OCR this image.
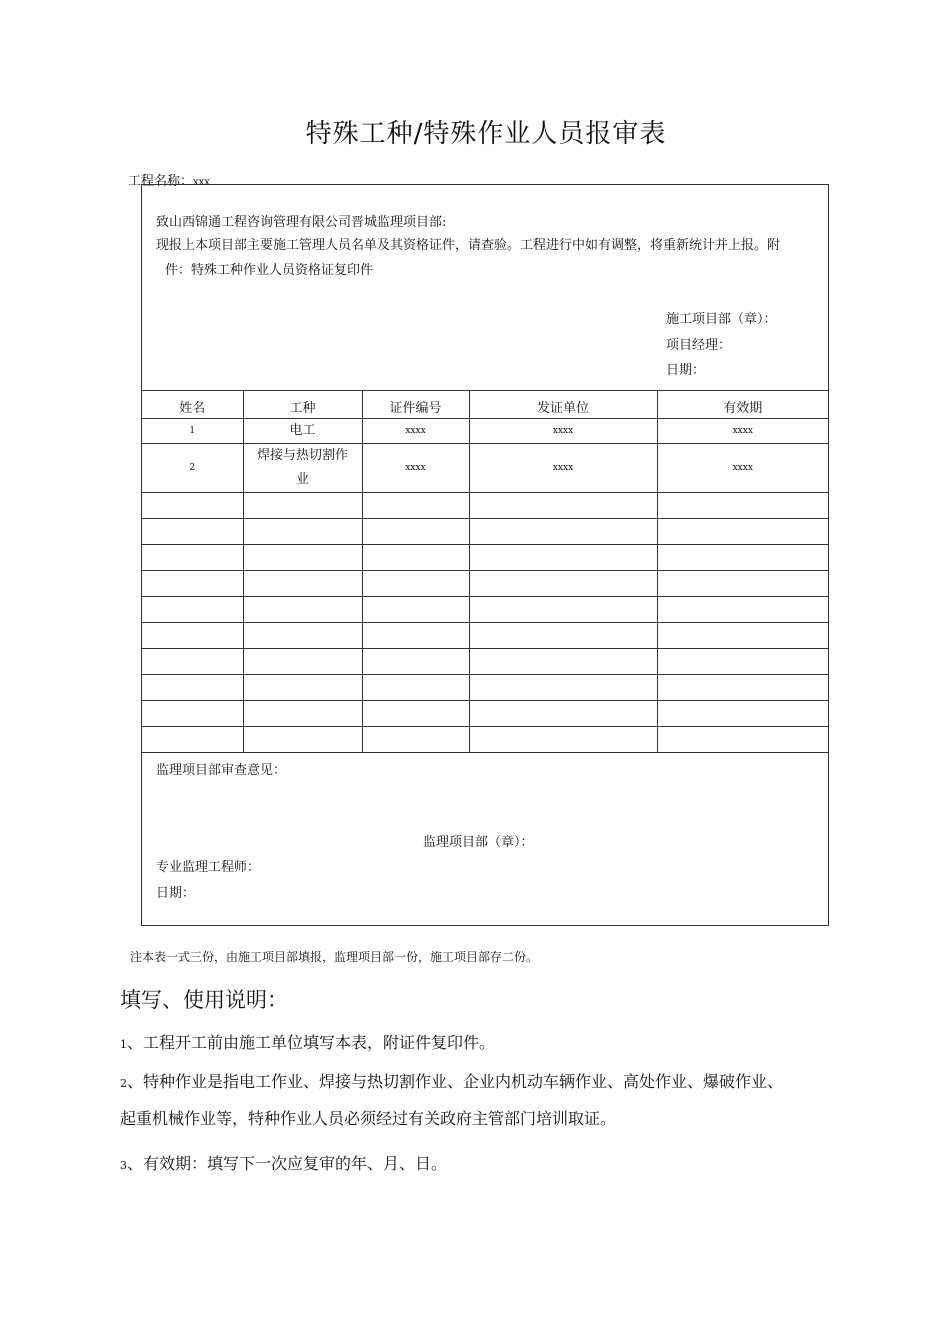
特殊工种/特殊作业人员报审表
工程名称：xxx
致山西锦通工程咨询管理有限公司晋城监理项目部:
现报上本项目部主要施工管理人员名单及其资格证件，请查验。工程进行中如有调整，将重新统计并上报。附
件：特殊工种作业人员资格证复印件
施工项目部（章）：
项目经理：
日期：
姓名	工种	证件编号	发证单位	有效期
1	电工	xxxx	xxxx	xxxx
2	焊接与热切割作业	xxxx	xxxx	xxxx

监理项目部审查意见：
监理项目部（章）：
专业监理工程师：
日期：
注本表一式三份，由施工项目部填报，监理项目部一份，施工项目部存二份。
填写、使用说明：
1、工程开工前由施工单位填写本表，附证件复印件。
2、特种作业是指电工作业、焊接与热切割作业、企业内机动车辆作业、高处作业、爆破作业、
起重机械作业等，特种作业人员必须经过有关政府主管部门培训取证。
3、有效期：填写下一次应复审的年、月、日。
